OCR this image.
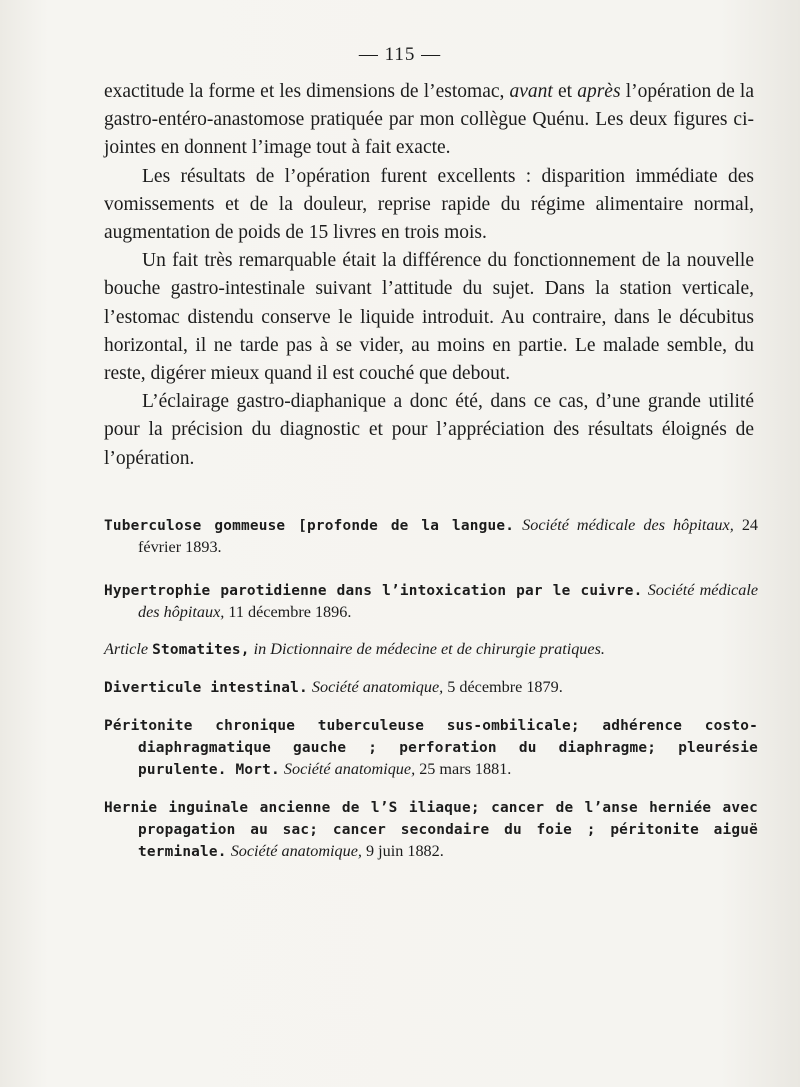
— 115 —

exactitude la forme et les dimensions de l’estomac, avant et après l’opération de la gastro-entéro-anastomose pratiquée par mon collègue Quénu. Les deux figures ci-jointes en donnent l’image tout à fait exacte.

Les résultats de l’opération furent excellents : disparition immédiate des vomissements et de la douleur, reprise rapide du régime alimentaire normal, augmentation de poids de 15 livres en trois mois.

Un fait très remarquable était la différence du fonctionnement de la nouvelle bouche gastro-intestinale suivant l’attitude du sujet. Dans la station verticale, l’estomac distendu conserve le liquide introduit. Au contraire, dans le décubitus horizontal, il ne tarde pas à se vider, au moins en partie. Le malade semble, du reste, digérer mieux quand il est couché que debout.

L’éclairage gastro-diaphanique a donc été, dans ce cas, d’une grande utilité pour la précision du diagnostic et pour l’appréciation des résultats éloignés de l’opération.

Tuberculose gommeuse [profonde de la langue. Société médicale des hôpitaux, 24 février 1893.
Hypertrophie parotidienne dans l’intoxication par le cuivre. Société médicale des hôpitaux, 11 décembre 1896.
Article Stomatites, in Dictionnaire de médecine et de chirurgie pratiques.
Diverticule intestinal. Société anatomique, 5 décembre 1879.
Péritonite chronique tuberculeuse sus-ombilicale; adhérence costo-diaphragmatique gauche ; perforation du diaphragme; pleurésie purulente. Mort. Société anatomique, 25 mars 1881.
Hernie inguinale ancienne de l’S iliaque; cancer de l’anse herniée avec propagation au sac; cancer secondaire du foie ; péritonite aiguë terminale. Société anatomique, 9 juin 1882.
